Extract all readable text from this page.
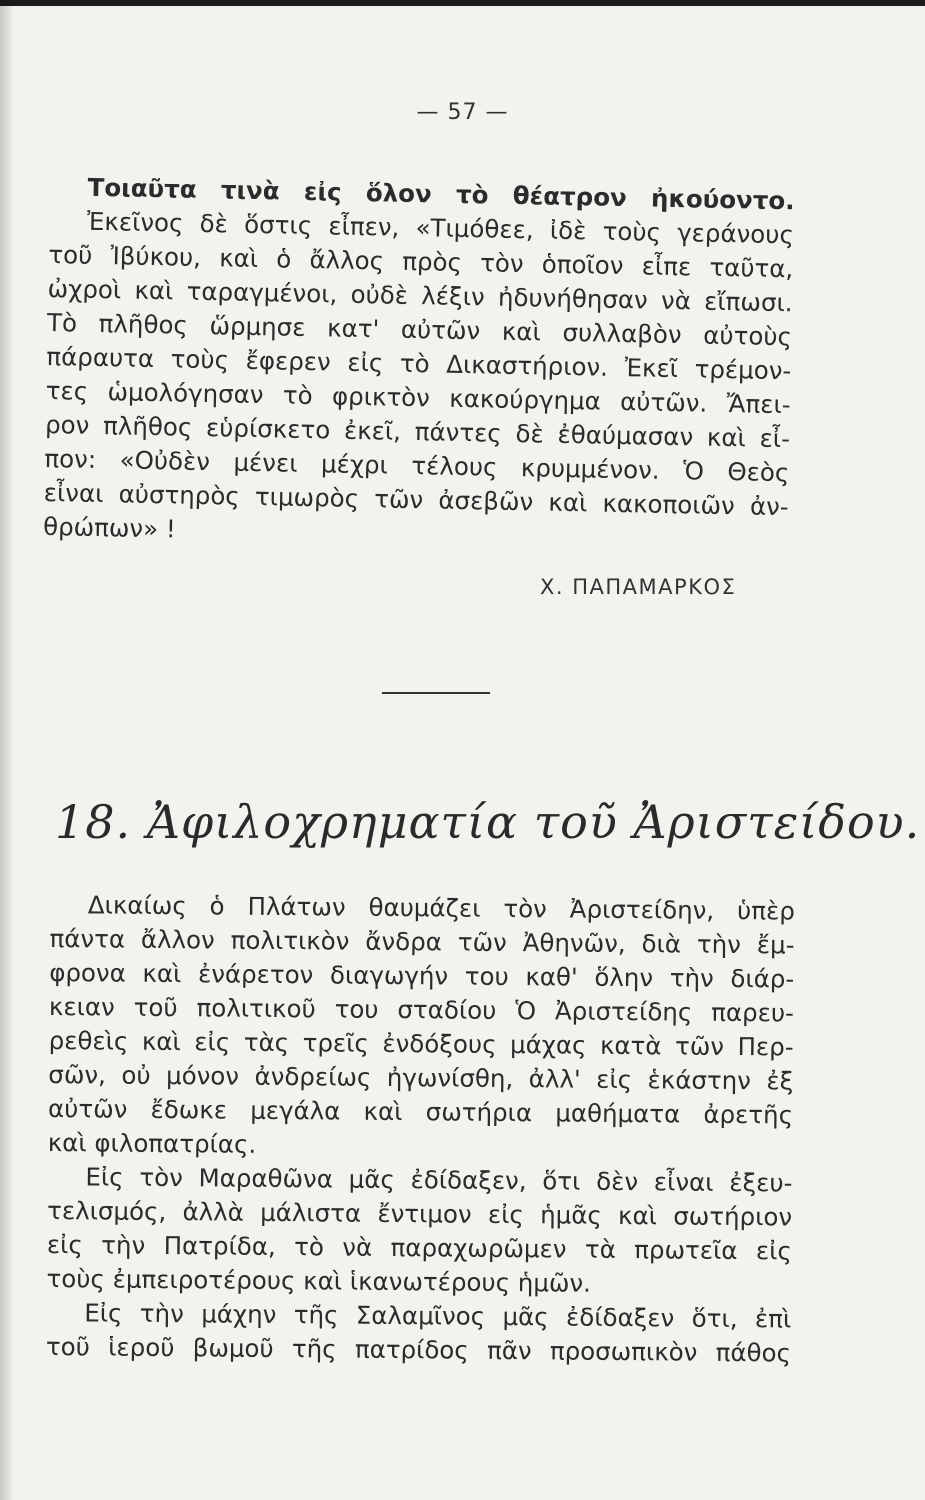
— 57 —
Τοιαῦτα τινὰ εἰς ὅλον τὸ θέατρον ἠκούοντο.
Ἐκεῖνος δὲ ὅστις εἶπεν, «Τιμόθεε, ἰδὲ τοὺς γεράνους
τοῦ Ἰβύκου, καὶ ὁ ἄλλος πρὸς τὸν ὁποῖον εἶπε ταῦτα,
ὠχροὶ καὶ ταραγμένοι, οὐδὲ λέξιν ἠδυνήθησαν νὰ εἴπωσι.
Τὸ πλῆθος ὥρμησε κατ' αὐτῶν καὶ συλλαβὸν αὐτοὺς
πάραυτα τοὺς ἔφερεν εἰς τὸ Δικαστήριον. Ἐκεῖ τρέμον-
τες ὡμολόγησαν τὸ φρικτὸν κακούργημα αὐτῶν. Ἄπει-
ρον πλῆθος εὑρίσκετο ἐκεῖ, πάντες δὲ ἐθαύμασαν καὶ εἶ-
πον: «Οὐδὲν μένει μέχρι τέλους κρυμμένον. Ὁ Θεὸς
εἶναι αὐστηρὸς τιμωρὸς τῶν ἀσεβῶν καὶ κακοποιῶν ἀν-
θρώπων» !
Χ. ΠΑΠΑΜΑΡΚΟΣ
18. Ἀφιλοχρηματία τοῦ Ἀριστείδου.
Δικαίως ὁ Πλάτων θαυμάζει τὸν Ἀριστείδην, ὑπὲρ
πάντα ἄλλον πολιτικὸν ἄνδρα τῶν Ἀθηνῶν, διὰ τὴν ἔμ-
φρονα καὶ ἐνάρετον διαγωγήν του καθ' ὅλην τὴν διάρ-
κειαν τοῦ πολιτικοῦ του σταδίου Ὁ Ἀριστείδης παρευ-
ρεθεὶς καὶ εἰς τὰς τρεῖς ἐνδόξους μάχας κατὰ τῶν Περ-
σῶν, οὐ μόνον ἀνδρείως ἠγωνίσθη, ἀλλ' εἰς ἑκάστην ἐξ
αὐτῶν ἔδωκε μεγάλα καὶ σωτήρια μαθήματα ἀρετῆς
καὶ φιλοπατρίας.
Εἰς τὸν Μαραθῶνα μᾶς ἐδίδαξεν, ὅτι δὲν εἶναι ἐξευ-
τελισμός, ἀλλὰ μάλιστα ἔντιμον εἰς ἡμᾶς καὶ σωτήριον
εἰς τὴν Πατρίδα, τὸ νὰ παραχωρῶμεν τὰ πρωτεῖα εἰς
τοὺς ἐμπειροτέρους καὶ ἱκανωτέρους ἡμῶν.
Εἰς τὴν μάχην τῆς Σαλαμῖνος μᾶς ἐδίδαξεν ὅτι, ἐπὶ
τοῦ ἱεροῦ βωμοῦ τῆς πατρίδος πᾶν προσωπικὸν πάθος
